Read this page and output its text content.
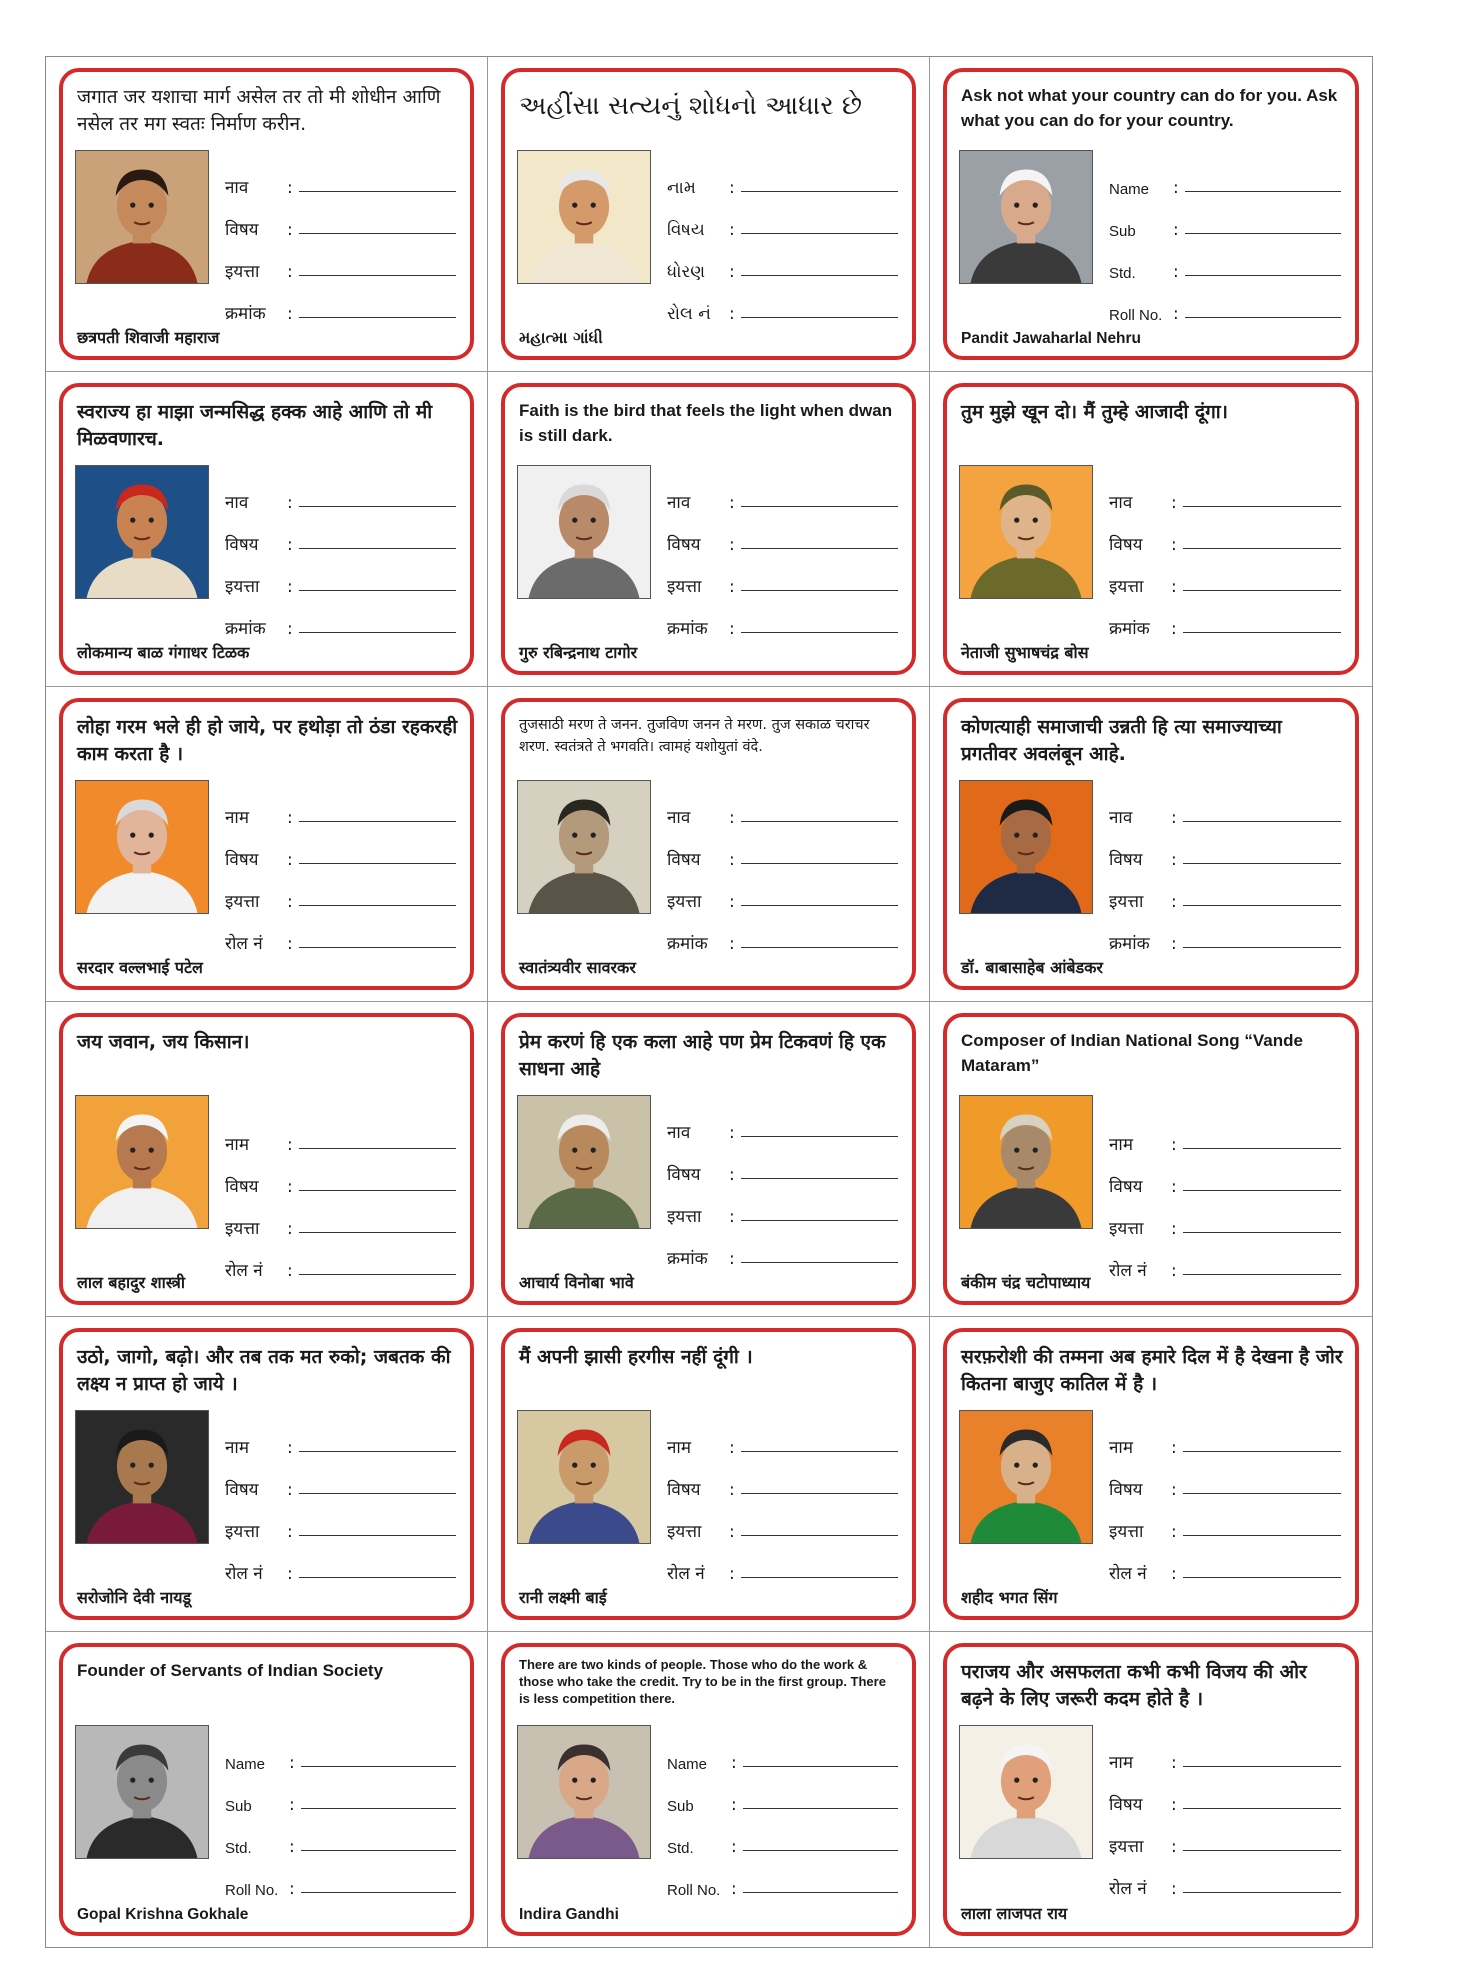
जगात जर यशाचा मार्ग असेल तर तो मी शोधीन आणि नसेल तर मग स्वतः निर्माण करीन.
नाव	:
विषय	:
इयत्ता	:
क्रमांक	:
छत्रपती शिवाजी महाराज
અહીંસા સત્યનું શોધનો આધાર છે
નામ	:
વિષય	:
ધોરણ	:
રોલ નં	:
મહાત્મા ગાંધી
Ask not what your country can do for you. Ask what you can do for your country.
Name	:
Sub	:
Std.	:
Roll No. :
Pandit Jawaharlal Nehru
स्वराज्य हा माझा जन्मसिद्ध हक्क आहे आणि तो मी मिळवणारच.
नाव	:
विषय	:
इयत्ता	:
क्रमांक	:
लोकमान्य बाळ गंगाधर टिळक
Faith is the bird that feels the light when dwan is still dark.
नाव	:
विषय	:
इयत्ता	:
क्रमांक	:
गुरु रबिन्द्रनाथ टागोर
तुम मुझे खून दो। मैं तुम्हे आजादी दूंगा।
नाव	:
विषय	:
इयत्ता	:
क्रमांक	:
नेताजी सुभाषचंद्र बोस
लोहा गरम भले ही हो जाये, पर हथोड़ा तो ठंडा रहकरही काम करता है ।
नाम	:
विषय	:
इयत्ता	:
रोल नं	:
सरदार वल्लभाई पटेल
तुजसाठी मरण ते जनन. तुजविण जनन ते मरण. तुज सकाळ चराचर शरण. स्वतंत्रते ते भगवति। त्वामहं यशोयुतां वंदे.
नाव	:
विषय	:
इयत्ता	:
क्रमांक	:
स्वातंत्र्यवीर सावरकर
कोणत्याही समाजाची उन्नती हि त्या समाज्याच्या प्रगतीवर अवलंबून आहे.
नाव	:
विषय	:
इयत्ता	:
क्रमांक	:
डॉ. बाबासाहेब आंबेडकर
जय जवान, जय किसान।
नाम	:
विषय	:
इयत्ता	:
रोल नं	:
लाल बहादुर शास्त्री
प्रेम करणं हि एक कला आहे पण प्रेम टिकवणं हि एक साधना आहे
नाव	:
विषय	:
इयत्ता	:
क्रमांक	:
आचार्य विनोबा भावे
Composer of Indian National Song “Vande Mataram”
नाम	:
विषय	:
इयत्ता	:
रोल नं	:
बंकीम चंद्र चटोपाध्याय
उठो, जागो, बढ़ो। और तब तक मत रुको; जबतक की लक्ष्य न प्राप्त हो जाये ।
नाम	:
विषय	:
इयत्ता	:
रोल नं	:
सरोजोनि देवी नायडू
मैं अपनी झासी हरगीस नहीं दूंगी ।
नाम	:
विषय	:
इयत्ता	:
रोल नं	:
रानी लक्ष्मी बाई
सरफ़रोशी की तम्मना अब हमारे दिल में है देखना है जोर कितना बाजुए कातिल में है ।
नाम	:
विषय	:
इयत्ता	:
रोल नं	:
शहीद भगत सिंग
Founder of Servants of Indian Society
Name	:
Sub	:
Std.	:
Roll No. :
Gopal Krishna Gokhale
There are two kinds of people. Those who do the work & those who take the credit. Try to be in the first group. There is less competition there.
Name	:
Sub	:
Std.	:
Roll No. :
Indira Gandhi
पराजय और असफलता कभी कभी विजय की ओर बढ़ने के लिए जरूरी कदम होते है ।
नाम	:
विषय	:
इयत्ता	:
रोल नं	:
लाला लाजपत राय
